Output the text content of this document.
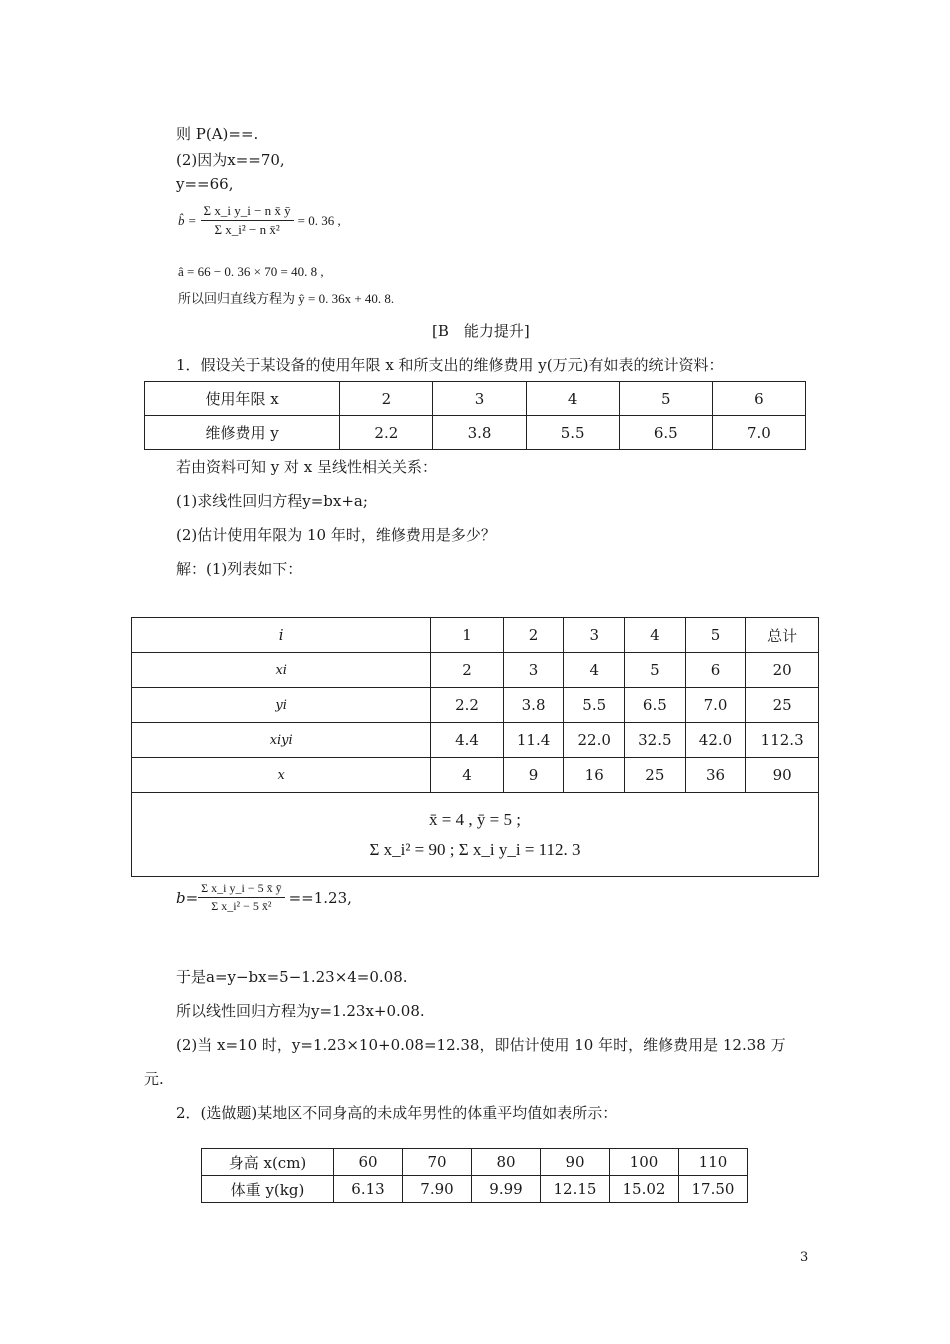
则 P(A)==.
(2)因为x==70,
y==66,
b̂ = $\frac{\text{Σ x\_i y\_i − n x̄ ȳ}}{\text{Σ x\_i² − n x̄²}} = 0$. 36 ,
â = 66 − 0. 36 × 70 = 40. 8 ,
所以回归直线方程为 ŷ = 0. 36x + 40. 8.
[B　能力提升]
1．假设关于某设备的使用年限 x 和所支出的维修费用 y(万元)有如表的统计资料：
使用年限 x	2	3	4	5	6
维修费用 y	2.2	3.8	5.5	6.5	7.0
若由资料可知 y 对 x 呈线性相关关系：
(1)求线性回归方程y=bx+a;
(2)估计使用年限为 10 年时，维修费用是多少？
解：(1)列表如下：
i	1	2	3	4	5	总计
xi	2	3	4	5	6	20
yi	2.2	3.8	5.5	6.5	7.0	25
xiyi	4.4	11.4	22.0	32.5	42.0	112.3
x	4	9	16	25	36	90

x̄ = 4 , ȳ = 5 ;
Σ x_i² = 90 ; Σ x_i y_i = 112. 3						
$b= \frac{\text{Σ x\_i y\_i − 5 x̄ ȳ}}{\text{Σ x\_i² − 5 x̄²}} ==1.23$,
于是a=y−bx=5−1.23×4=0.08.
所以线性回归方程为y=1.23x+0.08.
(2)当 x=10 时，y=1.23×10+0.08=12.38，即估计使用 10 年时，维修费用是 12.38 万
元.
2．(选做题)某地区不同身高的未成年男性的体重平均值如表所示：
身高 x(cm)	60	70	80	90	100	110
体重 y(kg)	6.13	7.90	9.99	12.15	15.02	17.50
3
